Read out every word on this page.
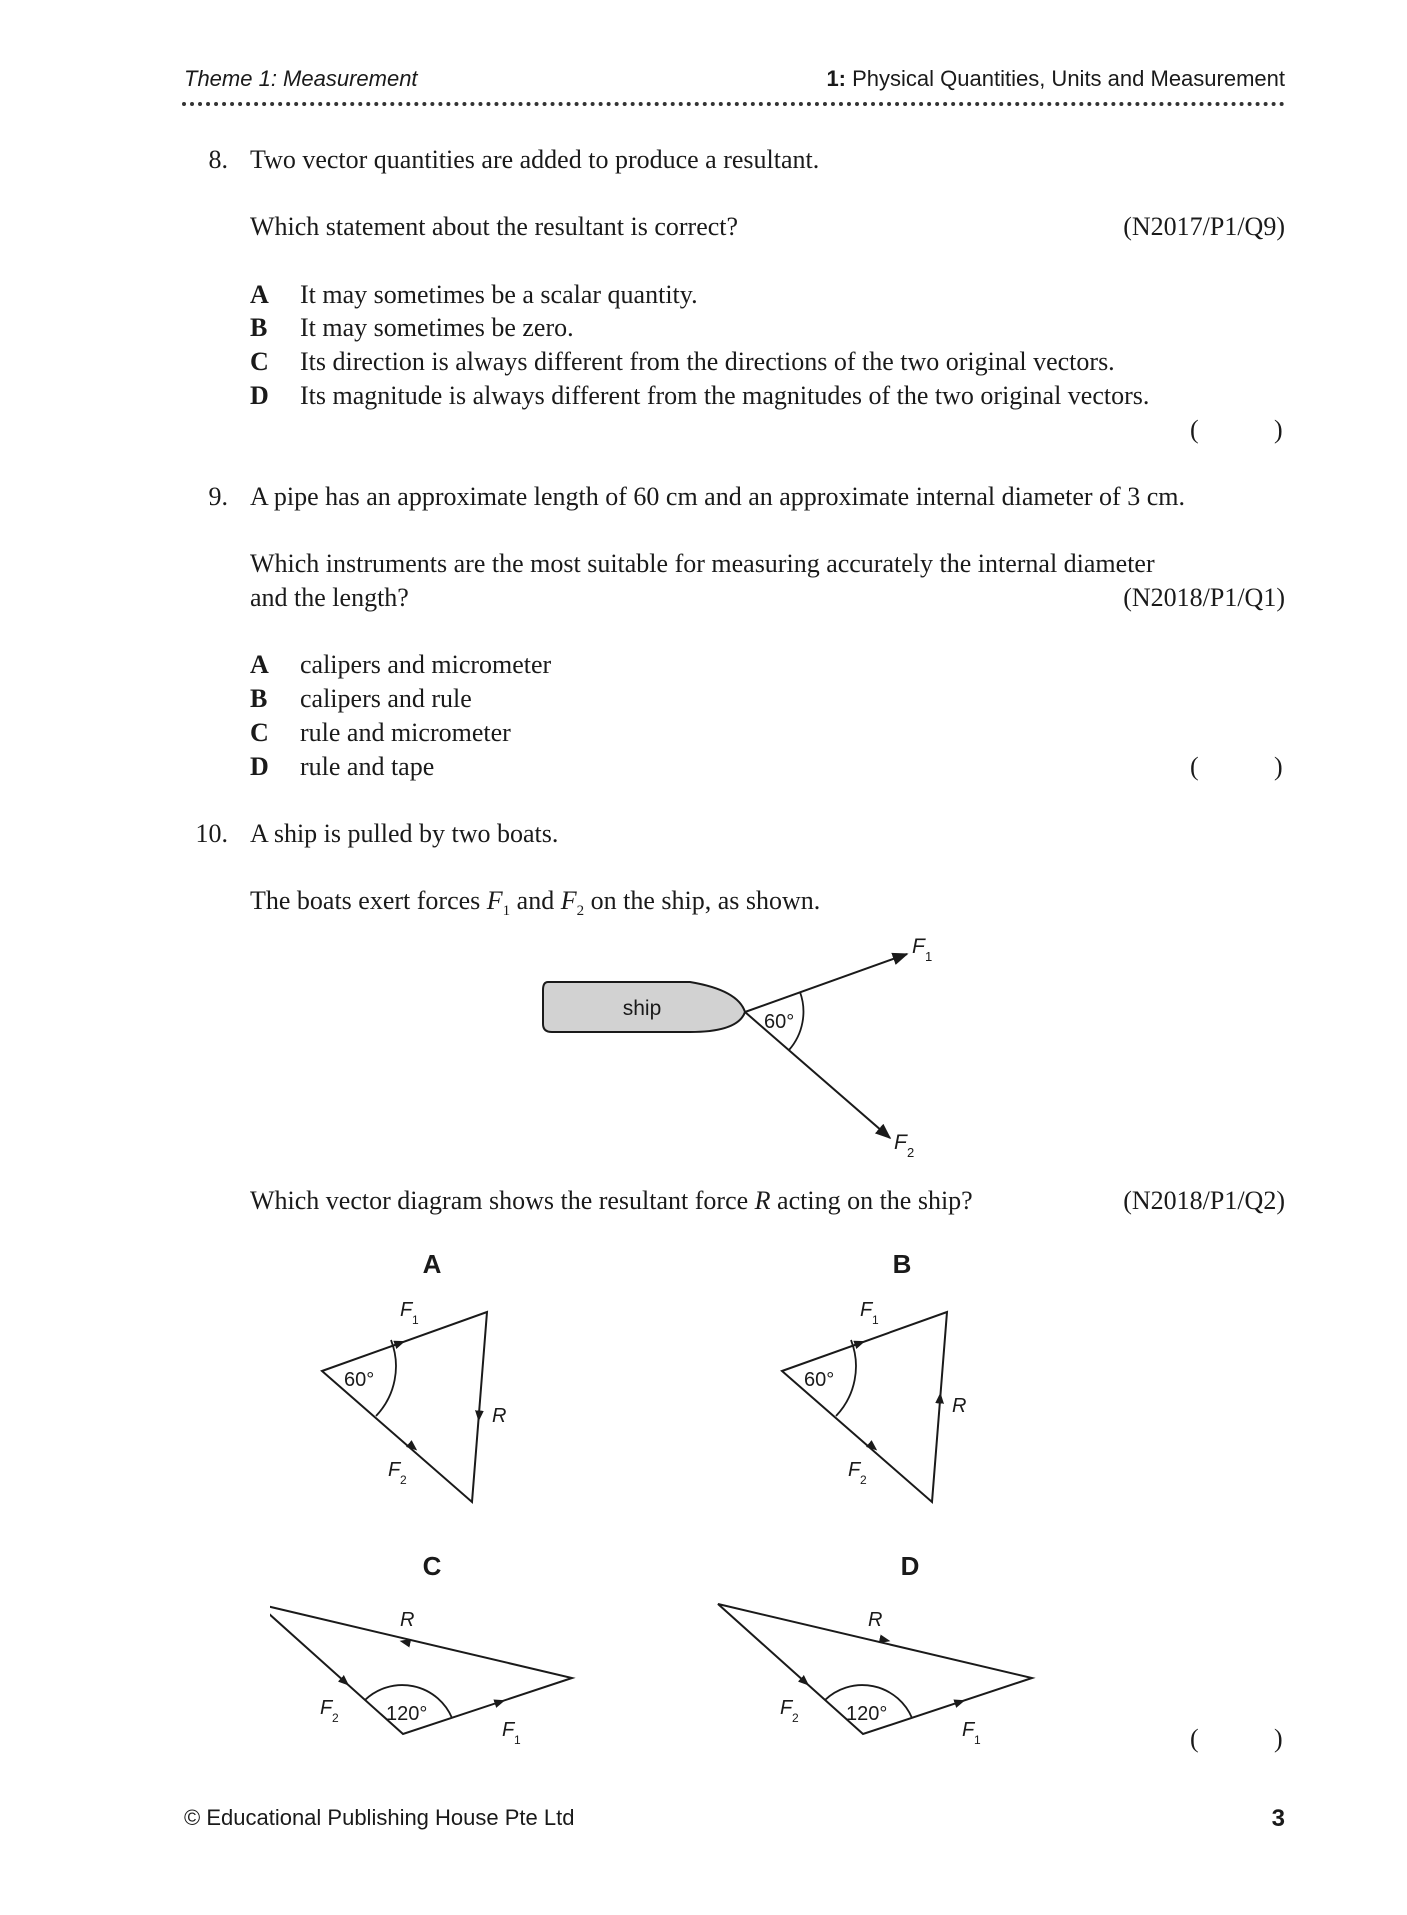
Theme 1: Measurement	1: Physical Quantities, Units and Measurement
8. Two vector quantities are added to produce a resultant.
Which statement about the resultant is correct?	(N2017/P1/Q9)
A It may sometimes be a scalar quantity.
B It may sometimes be zero.
C Its direction is always different from the directions of the two original vectors.
D Its magnitude is always different from the magnitudes of the two original vectors.
(	)
9. A pipe has an approximate length of 60 cm and an approximate internal diameter of 3 cm.
Which instruments are the most suitable for measuring accurately the internal diameter
and the length?	(N2018/P1/Q1)
A calipers and micrometer
B calipers and rule
C rule and micrometer
D rule and tape	(	)
10. A ship is pulled by two boats.
The boats exert forces $F_1$ and $F_2$ on the ship, as shown.
ship
60°
F 1
F 2
Which vector diagram shows the resultant force R acting on the ship?	(N2018/P1/Q2)
A
60°
F 1
R
F 2
B
60°
F 1
R
F 2
C
120°
R
F 2
F 1
D
120°
R
F 2
F 1	(	)
© Educational Publishing House Pte Ltd	3
